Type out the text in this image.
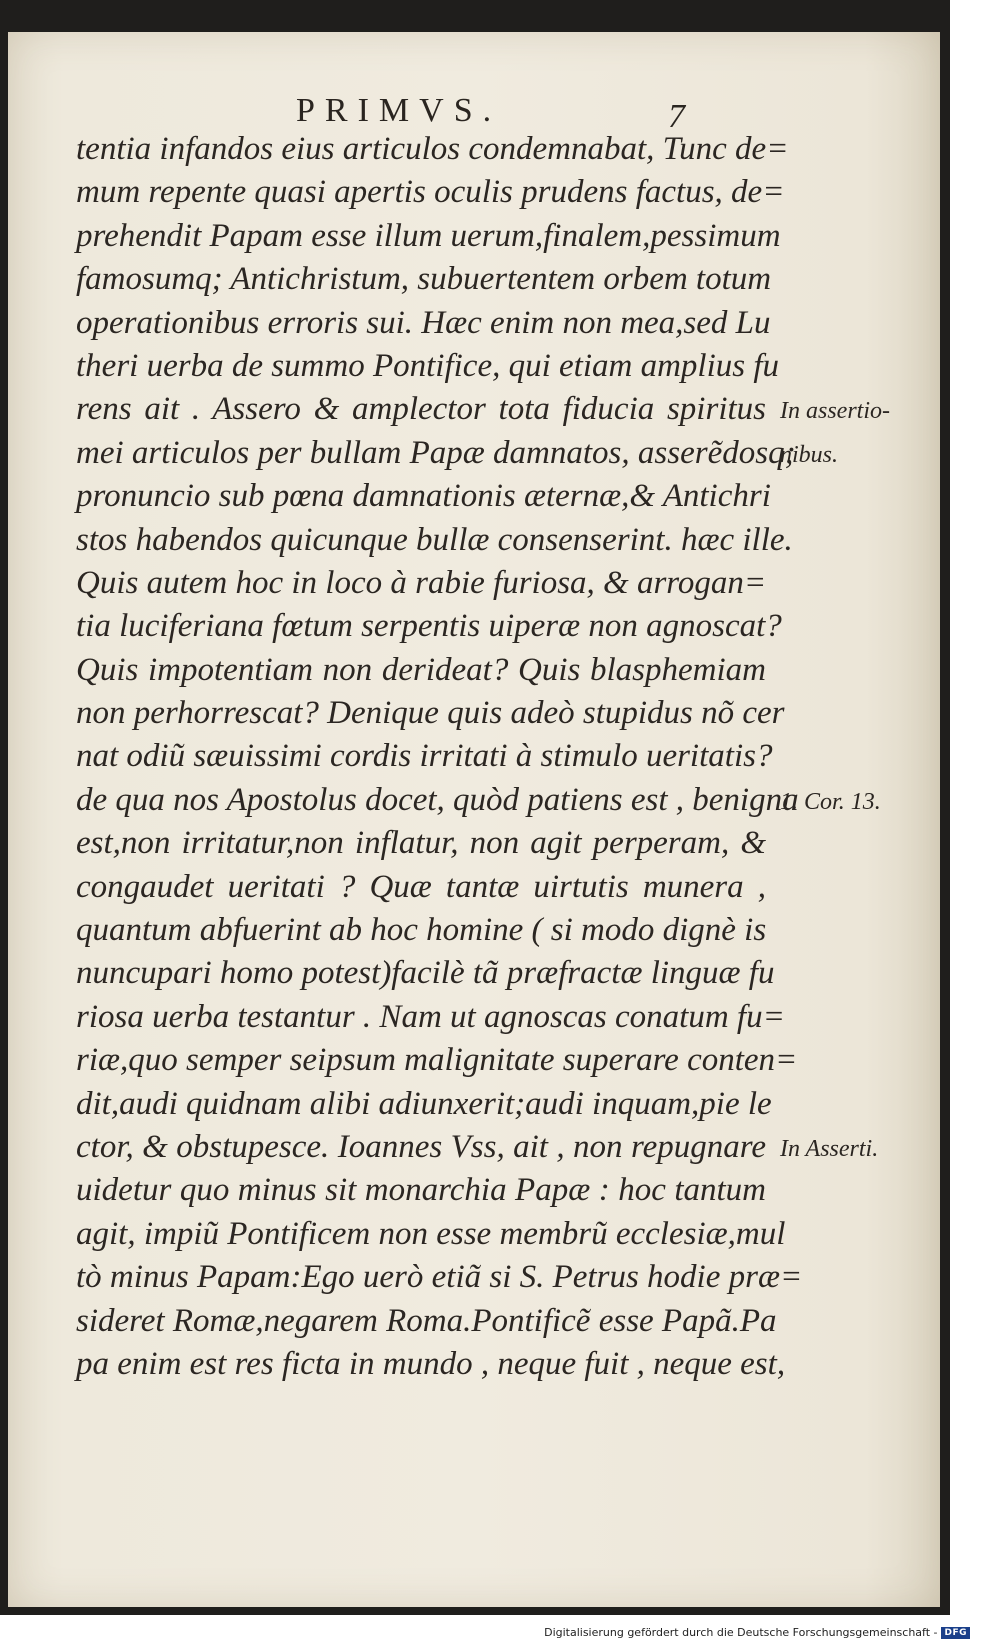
PRIMVS.	7
tentia infandos eius articulos condemnabat, Tunc de=
mum repente quasi apertis oculis prudens factus, de=
prehendit Papam esse illum uerum,finalem,pessimum
famosumq; Antichristum, subuertentem orbem totum
operationibus erroris sui. Hæc enim non mea,sed Lu
theri uerba de summo Pontifice, qui etiam amplius fu
rens ait . Assero & amplector tota fiducia spiritus
mei articulos per bullam Papæ damnatos, asserẽdosq;
pronuncio sub pœna damnationis æternæ,& Antichri
stos habendos quicunque bullæ consenserint. hæc ille.
Quis autem hoc in loco à rabie furiosa, & arrogan=
tia luciferiana fœtum serpentis uiperæ non agnoscat?
Quis impotentiam non derideat? Quis blasphemiam
non perhorrescat? Denique quis adeò stupidus nõ cer
nat odiũ sæuissimi cordis irritati à stimulo ueritatis?
de qua nos Apostolus docet, quòd patiens est , benigna
est,non irritatur,non inflatur, non agit perperam, &
congaudet ueritati ? Quæ tantæ uirtutis munera ,
quantum abfuerint ab hoc homine ( si modo dignè is
nuncupari homo potest)facilè tã præfractæ linguæ fu
riosa uerba testantur . Nam ut agnoscas conatum fu=
riæ,quo semper seipsum malignitate superare conten=
dit,audi quidnam alibi adiunxerit;audi inquam,pie le
ctor, & obstupesce. Ioannes Vss, ait , non repugnare
uidetur quo minus sit monarchia Papæ : hoc tantum
agit, impiũ Pontificem non esse membrũ ecclesiæ,mul
tò minus Papam:Ego uerò etiã si S. Petrus hodie præ=
sideret Romæ,negarem Roma.Pontificẽ esse Papã.Pa
pa enim est res ficta in mundo , neque fuit , neque est,
In assertio-
nibus.
1. Cor. 13.
In Asserti.
Digitalisierung gefördert durch die Deutsche Forschungsgemeinschaft - DFG
